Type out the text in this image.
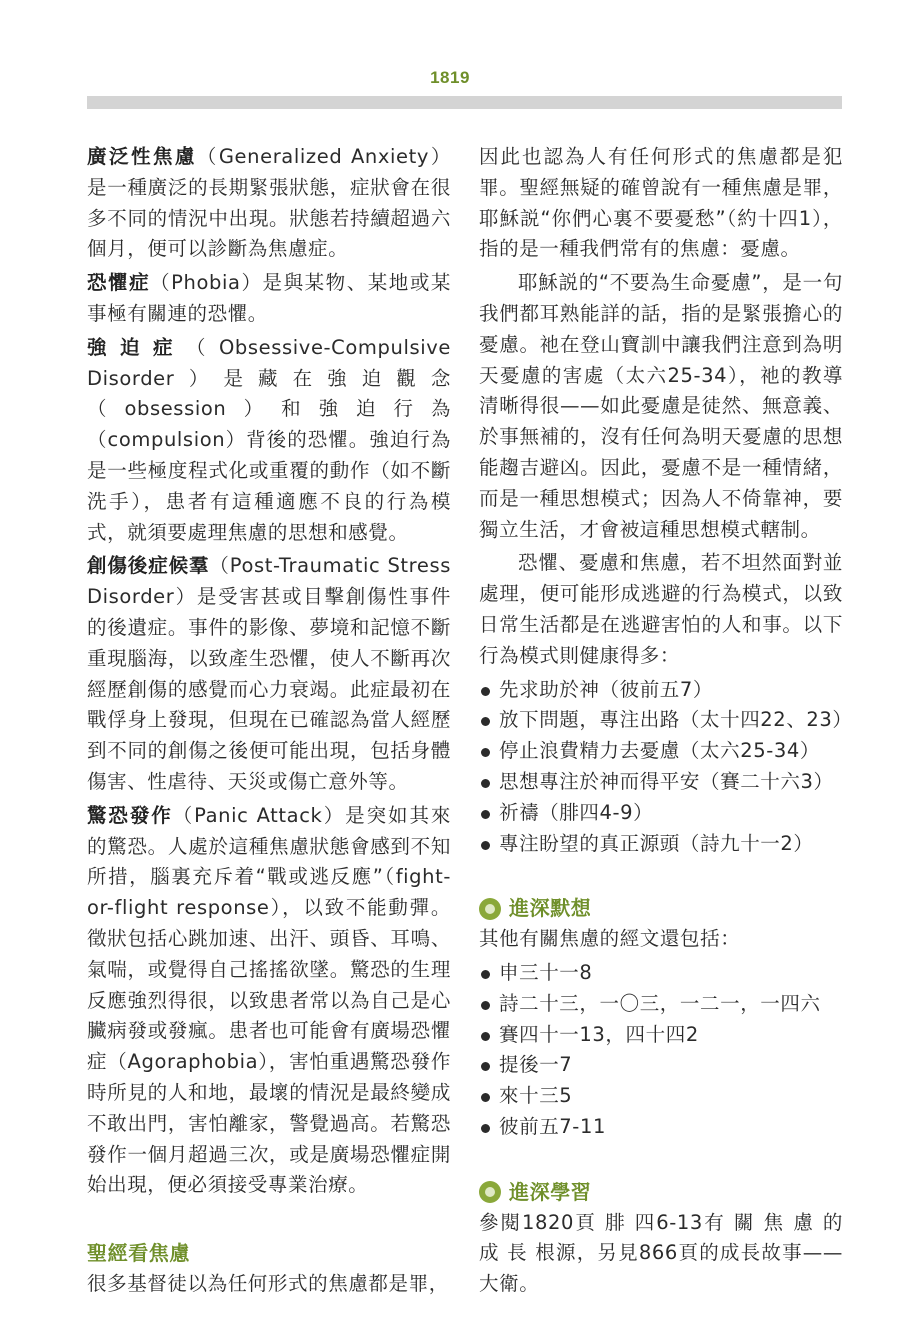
1819

廣泛性焦慮（Generalized Anxiety）是一種廣泛的長期緊張狀態，症狀會在很多不同的情況中出現。狀態若持續超過六個月，便可以診斷為焦慮症。

恐懼症（Phobia）是與某物、某地或某事極有關連的恐懼。

強迫症（Obsessive-Compulsive Disorder）是藏在強迫觀念（obsession）和強迫行為（compulsion）背後的恐懼。強迫行為是一些極度程式化或重覆的動作（如不斷洗手），患者有這種適應不良的行為模式，就須要處理焦慮的思想和感覺。

創傷後症候羣（Post-Traumatic Stress Disorder）是受害甚或目擊創傷性事件的後遺症。事件的影像、夢境和記憶不斷重現腦海，以致產生恐懼，使人不斷再次經歷創傷的感覺而心力衰竭。此症最初在戰俘身上發現，但現在已確認為當人經歷到不同的創傷之後便可能出現，包括身體傷害、性虐待、天災或傷亡意外等。

驚恐發作（Panic Attack）是突如其來的驚恐。人處於這種焦慮狀態會感到不知所措，腦裏充斥着“戰或逃反應”（fight-or-flight response），以致不能動彈。徵狀包括心跳加速、出汗、頭昏、耳鳴、氣喘，或覺得自己搖搖欲墜。驚恐的生理反應強烈得很，以致患者常以為自己是心臟病發或發瘋。患者也可能會有廣場恐懼症（Agoraphobia），害怕重遇驚恐發作時所見的人和地，最壞的情況是最終變成不敢出門，害怕離家，警覺過高。若驚恐發作一個月超過三次，或是廣場恐懼症開始出現，便必須接受專業治療。

聖經看焦慮

很多基督徒以為任何形式的焦慮都是罪，

因此也認為人有任何形式的焦慮都是犯罪。聖經無疑的確曾說有一種焦慮是罪，耶穌説“你們心裏不要憂愁”（約十四1），指的是一種我們常有的焦慮：憂慮。

耶穌説的“不要為生命憂慮”，是一句我們都耳熟能詳的話，指的是緊張擔心的憂慮。祂在登山寶訓中讓我們注意到為明天憂慮的害處（太六25-34），祂的教導清晰得很——如此憂慮是徒然、無意義、於事無補的，沒有任何為明天憂慮的思想能趨吉避凶。因此，憂慮不是一種情緒，而是一種思想模式；因為人不倚靠神，要獨立生活，才會被這種思想模式轄制。

恐懼、憂慮和焦慮，若不坦然面對並處理，便可能形成逃避的行為模式，以致日常生活都是在逃避害怕的人和事。以下行為模式則健康得多：

先求助於神（彼前五7）
放下問題，專注出路（太十四22、23）
停止浪費精力去憂慮（太六25-34）
思想專注於神而得平安（賽二十六3）
祈禱（腓四4-9）
專注盼望的真正源頭（詩九十一2）
進深默想

其他有關焦慮的經文還包括：

申三十一8
詩二十三，一〇三，一二一，一四六
賽四十一13，四十四2
提後一7
來十三5
彼前五7-11
進深學習

參閱1820頁 腓 四6-13有 關 焦 慮 的 成 長 根源，另見866頁的成長故事——大衛。
